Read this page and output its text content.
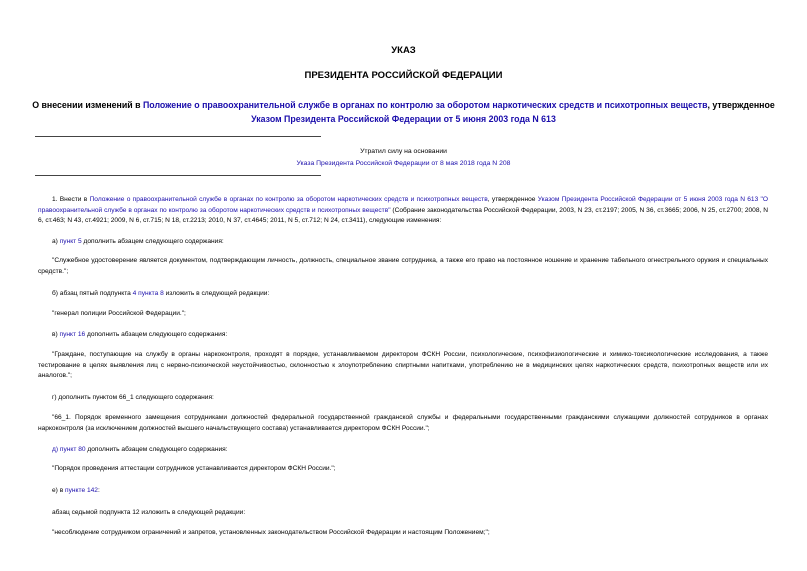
УКАЗ
ПРЕЗИДЕНТА РОССИЙСКОЙ ФЕДЕРАЦИИ
О внесении изменений в Положение о правоохранительной службе в органах по контролю за оборотом наркотических средств и психотропных веществ, утвержденное Указом Президента Российской Федерации от 5 июня 2003 года N 613
Утратил силу на основании
Указа Президента Российской Федерации от 8 мая 2018 года N 208
1. Внести в Положение о правоохранительной службе в органах по контролю за оборотом наркотических средств и психотропных веществ, утвержденное Указом Президента Российской Федерации от 5 июня 2003 года N 613 "О правоохранительной службе в органах по контролю за оборотом наркотических средств и психотропных веществ" (Собрание законодательства Российской Федерации, 2003, N 23, ст.2197; 2005, N 36, ст.3665; 2006, N 25, ст.2700; 2008, N 6, ст.463; N 43, ст.4921; 2009, N 6, ст.715; N 18, ст.2213; 2010, N 37, ст.4645; 2011, N 5, ст.712; N 24, ст.3411), следующие изменения:
а) пункт 5 дополнить абзацем следующего содержания:
"Служебное удостоверение является документом, подтверждающим личность, должность, специальное звание сотрудника, а также его право на постоянное ношение и хранение табельного огнестрельного оружия и специальных средств.";
б) абзац пятый подпункта 4 пункта 8 изложить в следующей редакции:
"генерал полиции Российской Федерации.";
в) пункт 16 дополнить абзацем следующего содержания:
"Граждане, поступающие на службу в органы наркоконтроля, проходят в порядке, устанавливаемом директором ФСКН России, психологические, психофизиологические и химико-токсикологические исследования, а также тестирование в целях выявления лиц с нервно-психической неустойчивостью, склонностью к злоупотреблению спиртными напитками, употреблению не в медицинских целях наркотических средств, психотропных веществ или их аналогов.";
г) дополнить пунктом 66_1 следующего содержания:
"66_1. Порядок временного замещения сотрудниками должностей федеральной государственной гражданской службы и федеральными государственными гражданскими служащими должностей сотрудников в органах наркоконтроля (за исключением должностей высшего начальствующего состава) устанавливается директором ФСКН России.";
д) пункт 80 дополнить абзацем следующего содержания:
"Порядок проведения аттестации сотрудников устанавливается директором ФСКН России.";
е) в пункте 142:
абзац седьмой подпункта 12 изложить в следующей редакции:
"несоблюдение сотрудником ограничений и запретов, установленных законодательством Российской Федерации и настоящим Положением;";
